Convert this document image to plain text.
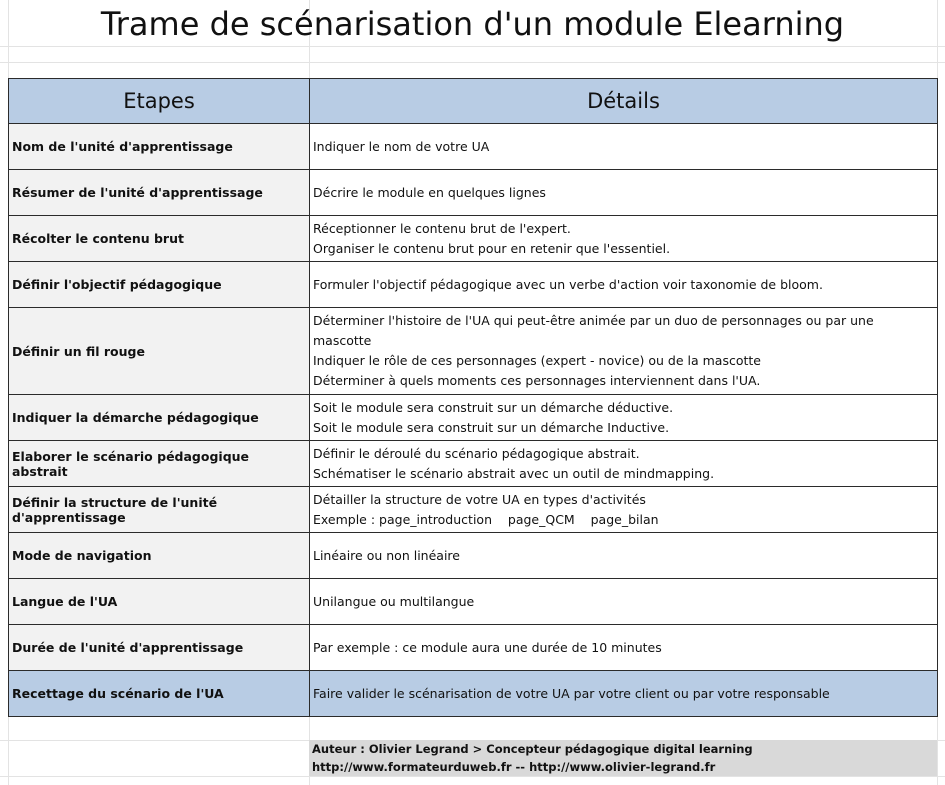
Trame de scénarisation d'un module Elearning
Etapes	Détails
Nom de l'unité d'apprentissage	Indiquer le nom de votre UA

Résumer de l'unité d'apprentissage	Décrire le module en quelques lignes

Récolter le contenu brut	Réceptionner le contenu brut de l'expert.
Organiser le contenu brut pour en retenir que l'essentiel.

Définir l'objectif pédagogique	Formuler l'objectif pédagogique avec un verbe d'action voir taxonomie de bloom.

Définir un fil rouge	Déterminer l'histoire de l'UA qui peut-être animée par un duo de personnages ou par une mascotte
Indiquer le rôle de ces personnages (expert - novice) ou de la mascotte
Déterminer à quels moments ces personnages interviennent dans l'UA.

Indiquer la démarche pédagogique	Soit le module sera construit sur un démarche déductive.
Soit le module sera construit sur un démarche Inductive.

Elaborer le scénario pédagogique abstrait	Définir le déroulé du scénario pédagogique abstrait.
Schématiser le scénario abstrait avec un outil de mindmapping.

Définir la structure de l'unité d'apprentissage	Détailler la structure de votre UA en types d'activités
Exemple : page_introduction    page_QCM    page_bilan

Mode de navigation	Linéaire ou non linéaire

Langue de l'UA	Unilangue ou multilangue

Durée de l'unité d'apprentissage	Par exemple : ce module aura une durée de 10 minutes

Recettage du scénario de l'UA	Faire valider le scénarisation de votre UA par votre client ou par votre responsable
Auteur : Olivier Legrand > Concepteur pédagogique digital learning
http://www.formateurduweb.fr -- http://www.olivier-legrand.fr
